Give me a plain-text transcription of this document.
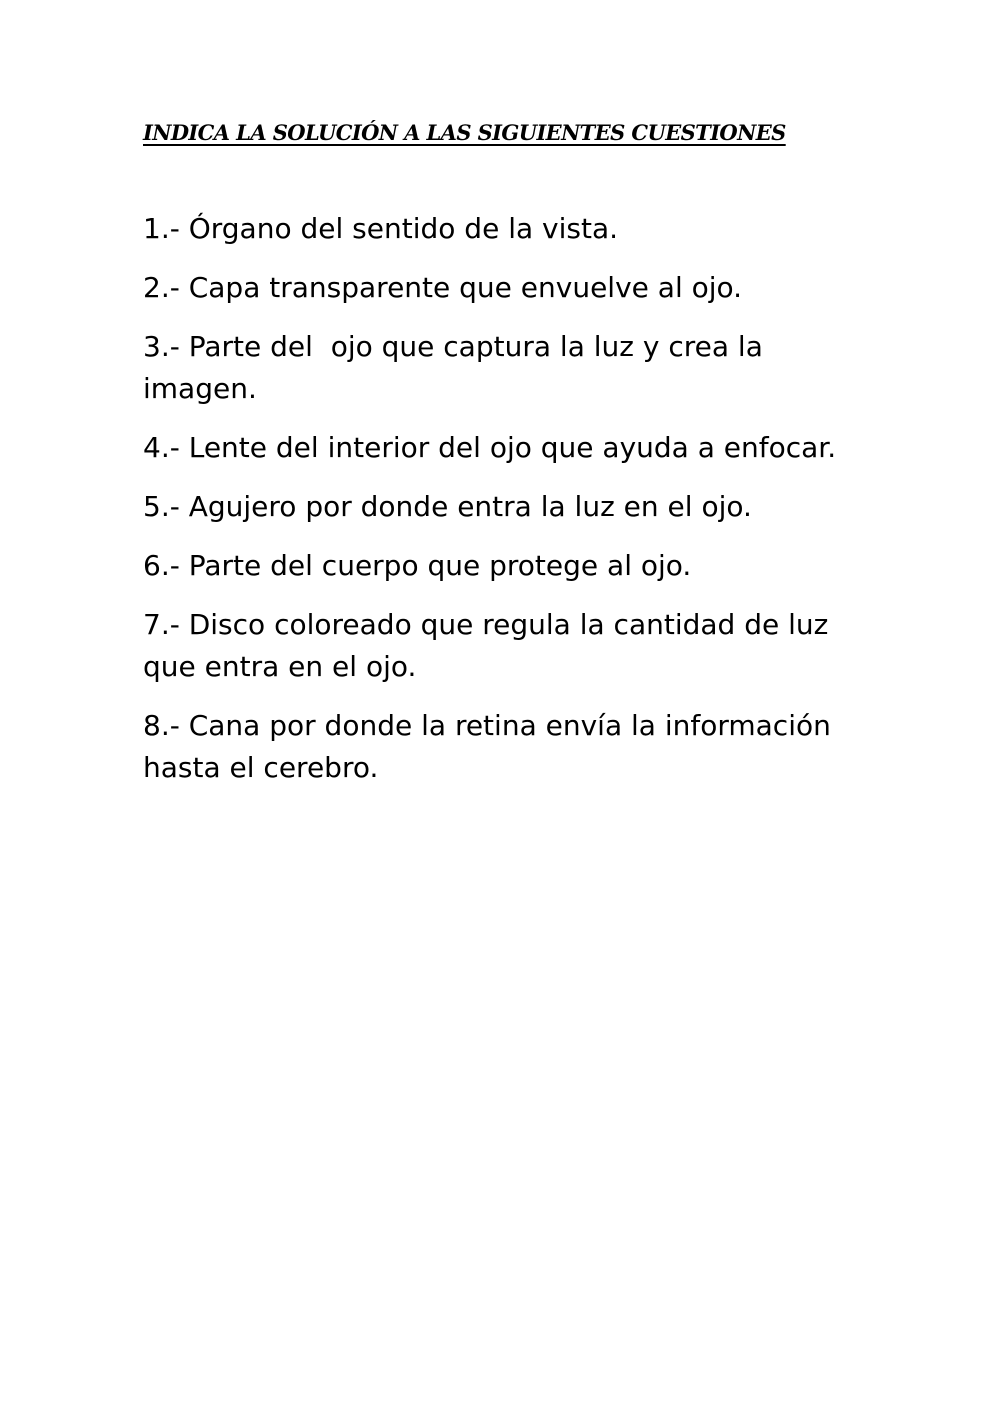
INDICA LA SOLUCIÓN A LAS SIGUIENTES CUESTIONES
1.- Órgano del sentido de la vista.
2.- Capa transparente que envuelve al ojo.
3.- Parte del  ojo que captura la luz y crea la imagen.
4.- Lente del interior del ojo que ayuda a enfocar.
5.- Agujero por donde entra la luz en el ojo.
6.- Parte del cuerpo que protege al ojo.
7.- Disco coloreado que regula la cantidad de luz que entra en el ojo.
8.- Cana por donde la retina envía la información hasta el cerebro.
